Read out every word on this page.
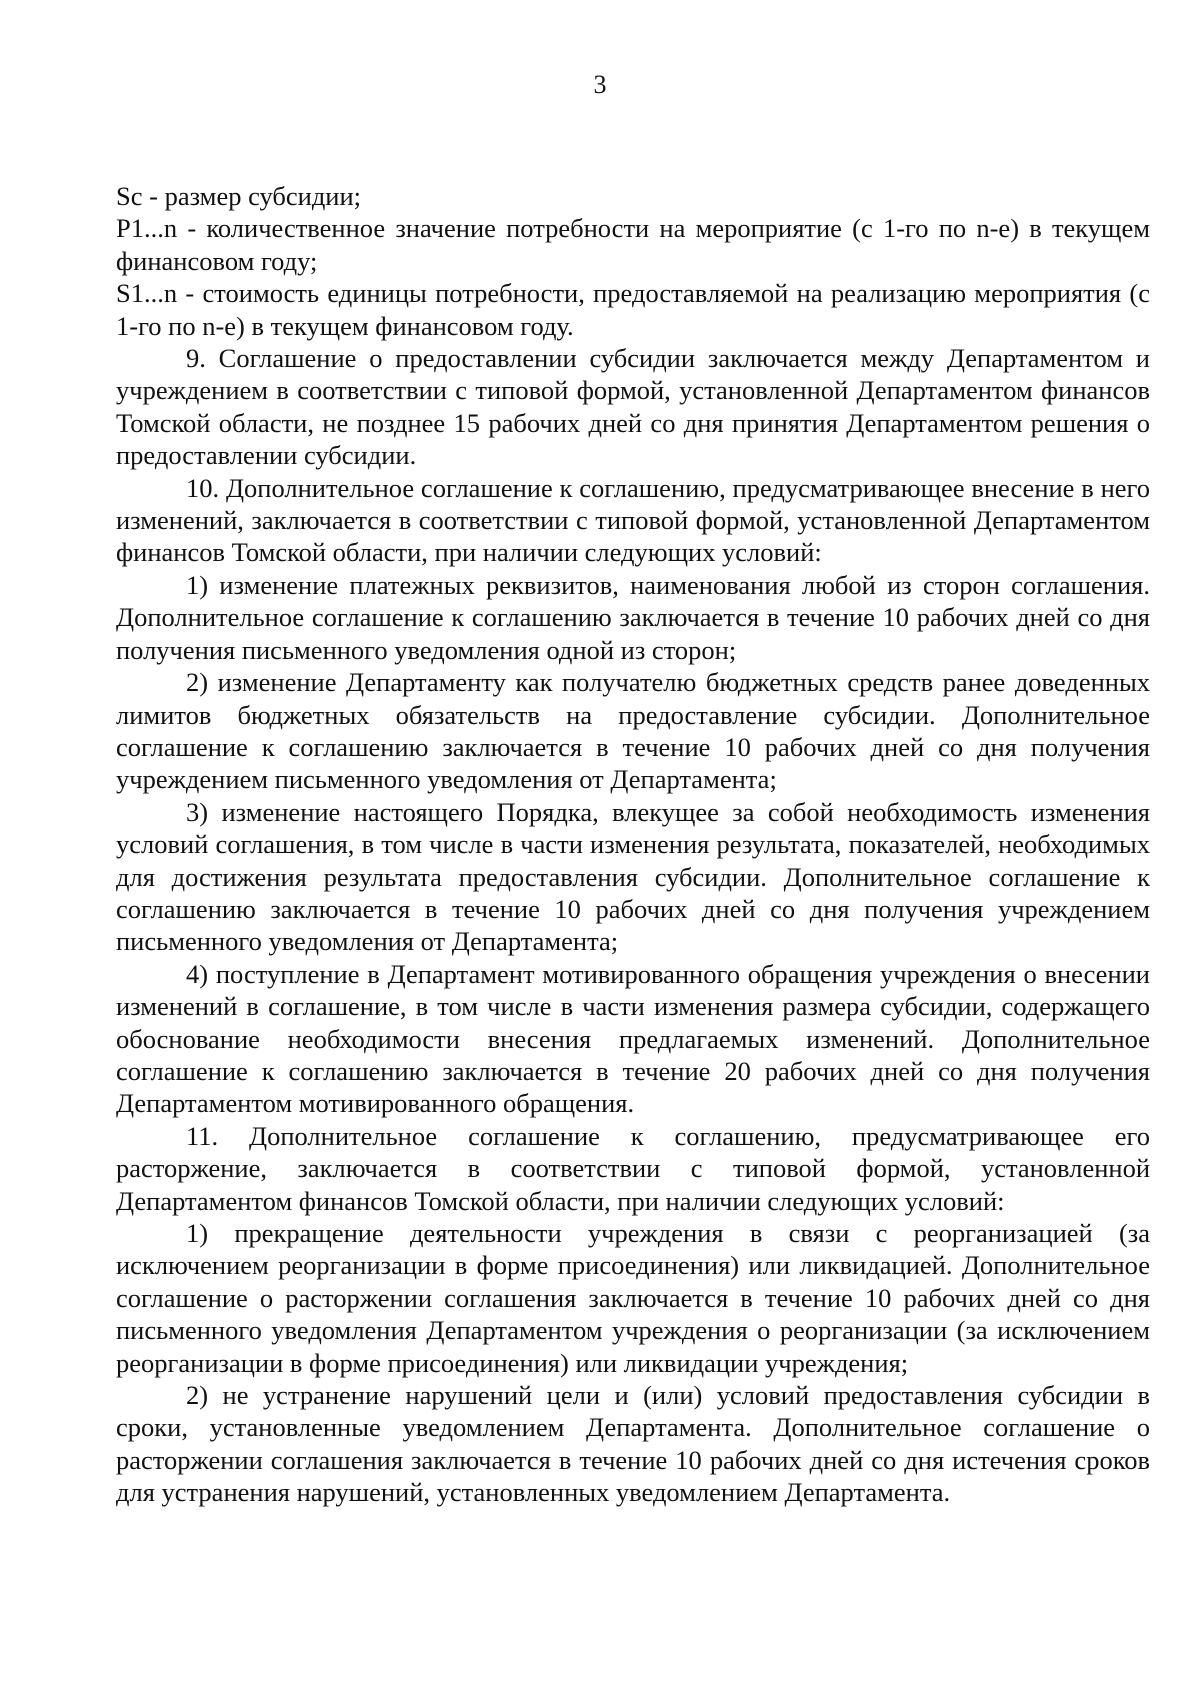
3

Sc - размер субсидии;

P1...n - количественное значение потребности на мероприятие (с 1-го по n-е) в текущем финансовом году;

S1...n - стоимость единицы потребности, предоставляемой на реализацию мероприятия (с 1-го по n-е) в текущем финансовом году.

9. Соглашение о предоставлении субсидии заключается между Департаментом и учреждением в соответствии с типовой формой, установленной Департаментом финансов Томской области, не позднее 15 рабочих дней со дня принятия Департаментом решения о предоставлении субсидии.

10. Дополнительное соглашение к соглашению, предусматривающее внесение в него изменений, заключается в соответствии с типовой формой, установленной Департаментом финансов Томской области, при наличии следующих условий:

1) изменение платежных реквизитов, наименования любой из сторон соглашения. Дополнительное соглашение к соглашению заключается в течение 10 рабочих дней со дня получения письменного уведомления одной из сторон;

2) изменение Департаменту как получателю бюджетных средств ранее доведенных лимитов бюджетных обязательств на предоставление субсидии. Дополнительное соглашение к соглашению заключается в течение 10 рабочих дней со дня получения учреждением письменного уведомления от Департамента;

3) изменение настоящего Порядка, влекущее за собой необходимость изменения условий соглашения, в том числе в части изменения результата, показателей, необходимых для достижения результата предоставления субсидии. Дополнительное соглашение к соглашению заключается в течение 10 рабочих дней со дня получения учреждением письменного уведомления от Департамента;

4) поступление в Департамент мотивированного обращения учреждения о внесении изменений в соглашение, в том числе в части изменения размера субсидии, содержащего обоснование необходимости внесения предлагаемых изменений. Дополнительное соглашение к соглашению заключается в течение 20 рабочих дней со дня получения Департаментом мотивированного обращения.

11. Дополнительное соглашение к соглашению, предусматривающее его расторжение, заключается в соответствии с типовой формой, установленной Департаментом финансов Томской области, при наличии следующих условий:

1) прекращение деятельности учреждения в связи с реорганизацией (за исключением реорганизации в форме присоединения) или ликвидацией. Дополнительное соглашение о расторжении соглашения заключается в течение 10 рабочих дней со дня письменного уведомления Департаментом учреждения о реорганизации (за исключением реорганизации в форме присоединения) или ликвидации учреждения;

2) не устранение нарушений цели и (или) условий предоставления субсидии в сроки, установленные уведомлением Департамента. Дополнительное соглашение о расторжении соглашения заключается в течение 10 рабочих дней со дня истечения сроков для устранения нарушений, установленных уведомлением Департамента.
